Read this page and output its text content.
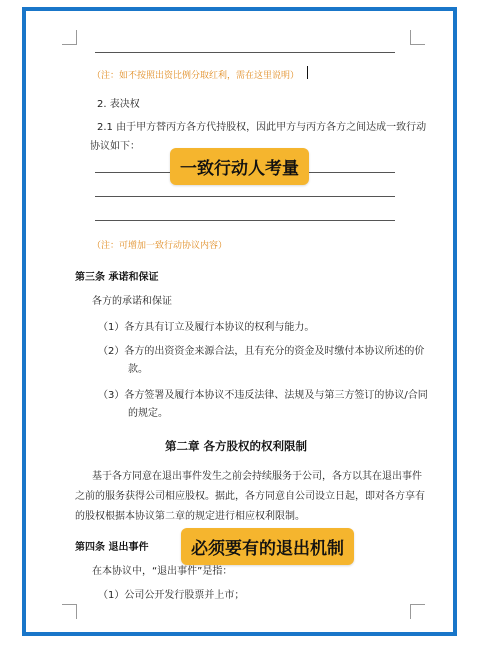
（注：如不按照出资比例分取红利，需在这里说明）
2. 表决权
2.1 由于甲方替丙方各方代持股权，因此甲方与丙方各方之间达成一致行动
协议如下：
一致行动人考量
（注：可增加一致行动协议内容）
第三条 承诺和保证
各方的承诺和保证
（1）各方具有订立及履行本协议的权利与能力。
（2）各方的出资资金来源合法，且有充分的资金及时缴付本协议所述的价
款。
（3）各方签署及履行本协议不违反法律、法规及与第三方签订的协议/合同
的规定。
第二章 各方股权的权利限制
基于各方同意在退出事件发生之前会持续服务于公司，各方以其在退出事件
之前的服务获得公司相应股权。据此，各方同意自公司设立日起，即对各方享有
的股权根据本协议第二章的规定进行相应权利限制。
第四条 退出事件	必须要有的退出机制
在本协议中，“退出事件”是指：
（1）公司公开发行股票并上市；
